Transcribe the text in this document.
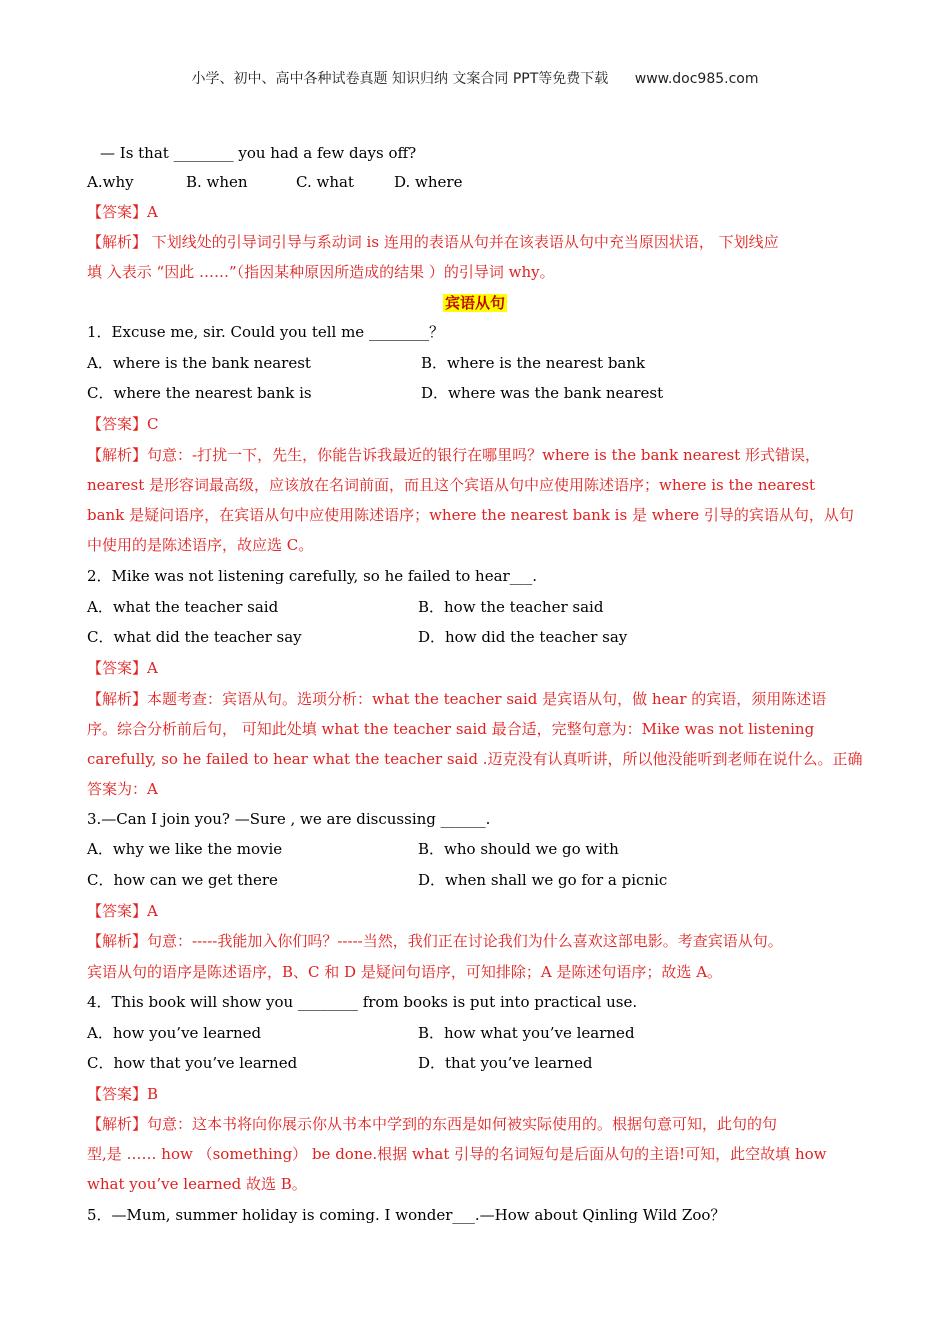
小学、初中、高中各种试卷真题 知识归纳 文案合同 PPT等免费下载 www.doc985.com
— Is that ________ you had a few days off?
A.why	B. when	C. what	D. where
【答案】A
【解析】 下划线处的引导词引导与系动词 is 连用的表语从句并在该表语从句中充当原因状语， 下划线应
填 入表示 “因此 ……”（指因某种原因所造成的结果 ）的引导词 why。
宾语从句
1．Excuse me, sir. Could you tell me ________？
A．where is the bank nearest	B．where is the nearest bank
C．where the nearest bank is	D．where was the bank nearest
【答案】C
【解析】句意：-打扰一下，先生，你能告诉我最近的银行在哪里吗？where is the bank nearest 形式错误，
nearest 是形容词最高级，应该放在名词前面，而且这个宾语从句中应使用陈述语序；where is the nearest
bank 是疑问语序，在宾语从句中应使用陈述语序；where the nearest bank is 是 where 引导的宾语从句，从句
中使用的是陈述语序，故应选 C。
2．Mike was not listening carefully, so he failed to hear___.
A．what the teacher said	B．how the teacher said
C．what did the teacher say	D．how did the teacher say
【答案】A
【解析】本题考查：宾语从句。选项分析：what the teacher said 是宾语从句，做 hear 的宾语，须用陈述语
序。综合分析前后句， 可知此处填 what the teacher said 最合适，完整句意为：Mike was not listening
carefully, so he failed to hear what the teacher said .迈克没有认真听讲，所以他没能听到老师在说什么。正确
答案为：A
3.—Can I join you? —Sure , we are discussing ______.
A．why we like the movie	B．who should we go with
C．how can we get there	D．when shall we go for a picnic
【答案】A
【解析】句意：-----我能加入你们吗？-----当然，我们正在讨论我们为什么喜欢这部电影。考查宾语从句。
宾语从句的语序是陈述语序，B、C 和 D 是疑问句语序，可知排除；A 是陈述句语序；故选 A。
4．This book will show you ________ from books is put into practical use.
A．how you’ve learned	B．how what you’ve learned
C．how that you’ve learned	D．that you’ve learned
【答案】B
【解析】句意：这本书将向你展示你从书本中学到的东西是如何被实际使用的。根据句意可知，此句的句
型,是 …… how （something） be done.根据 what 引导的名词短句是后面从句的主语!可知，此空故填 how
what you’ve learned 故选 B。
5．—Mum, summer holiday is coming. I wonder___.—How about Qinling Wild Zoo？
